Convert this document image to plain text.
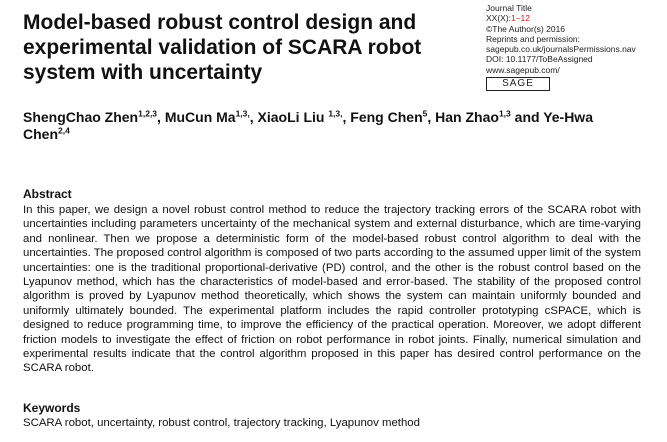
Model-based robust control design and experimental validation of SCARA robot system with uncertainty
Journal Title
XX(X):1–12
©The Author(s) 2016
Reprints and permission:
sagepub.co.uk/journalsPermissions.nav
DOI: 10.1177/ToBeAssigned
www.sagepub.com/
SAGE
ShengChao Zhen$^{1,2,3}$, MuCun $Ma^{1,3,}$, XiaoLi Liu $^{1,3,}$, Feng Chen$^5$, Han Zhao$^{1,3}$ and Ye-Hwa Chen$^{2,4}$
Abstract

In this paper, we design a novel robust control method to reduce the trajectory tracking errors of the SCARA robot with uncertainties including parameters uncertainty of the mechanical system and external disturbance, which are time-varying and nonlinear. Then we propose a deterministic form of the model-based robust control algorithm to deal with the uncertainties. The proposed control algorithm is composed of two parts according to the assumed upper limit of the system uncertainties: one is the traditional proportional-derivative (PD) control, and the other is the robust control based on the Lyapunov method, which has the characteristics of model-based and error-based. The stability of the proposed control algorithm is proved by Lyapunov method theoretically, which shows the system can maintain uniformly bounded and uniformly ultimately bounded. The experimental platform includes the rapid controller prototyping cSPACE, which is designed to reduce programming time, to improve the efficiency of the practical operation. Moreover, we adopt different friction models to investigate the effect of friction on robot performance in robot joints. Finally, numerical simulation and experimental results indicate that the control algorithm proposed in this paper has desired control performance on the SCARA robot.

Keywords
SCARA robot, uncertainty, robust control, trajectory tracking, Lyapunov method
